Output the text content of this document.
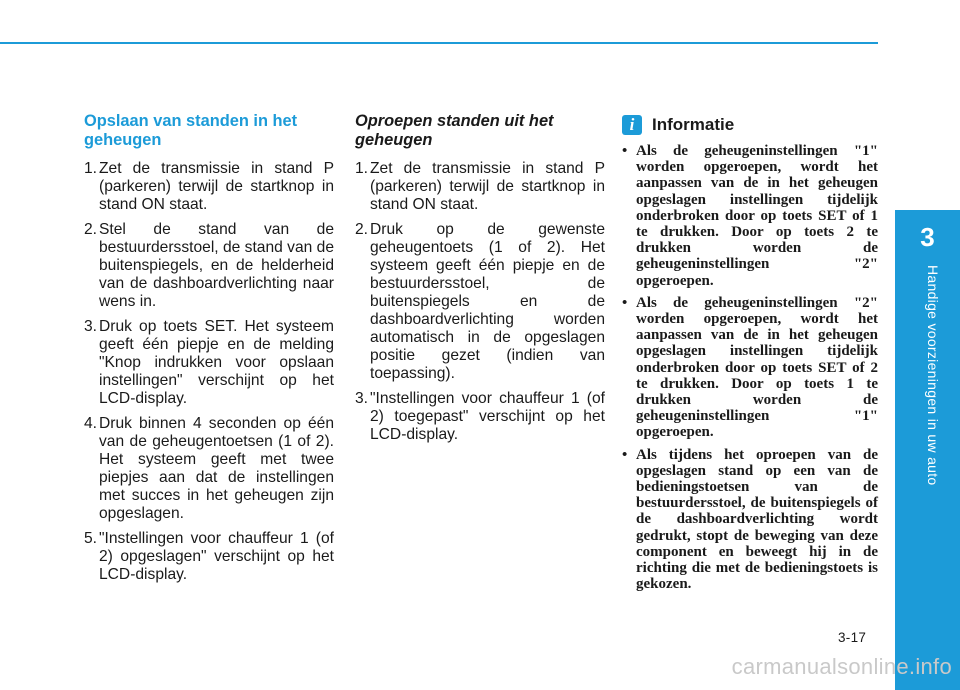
3
Handige voorzieningen in uw auto
Opslaan van standen in het geheugen
1. Zet de transmissie in stand P (parkeren) terwijl de startknop in stand ON staat.
2. Stel de stand van de bestuurdersstoel, de stand van de buitenspiegels, en de helderheid van de dashboardverlichting naar wens in.
3. Druk op toets SET. Het systeem geeft één piepje en de melding "Knop indrukken voor opslaan instellingen" verschijnt op het LCD-display.
4. Druk binnen 4 seconden op één van de geheugentoetsen (1 of 2). Het systeem geeft met twee piepjes aan dat de instellingen met succes in het geheugen zijn opgeslagen.
5. "Instellingen voor chauffeur 1 (of 2) opgeslagen" verschijnt op het LCD-display.
Oproepen standen uit het geheugen
1. Zet de transmissie in stand P (parkeren) terwijl de startknop in stand ON staat.
2. Druk op de gewenste geheugentoets (1 of 2). Het systeem geeft één piepje en de bestuurdersstoel, de buitenspiegels en de dashboardverlichting worden automatisch in de opgeslagen positie gezet (indien van toepassing).
3. "Instellingen voor chauffeur 1 (of 2) toegepast" verschijnt op het LCD-display.
i	Informatie
• Als de geheugeninstellingen "1" worden opgeroepen, wordt het aanpassen van de in het geheugen opgeslagen instellingen tijdelijk onderbroken door op toets SET of 1 te drukken. Door op toets 2 te drukken worden de geheugeninstellingen "2" opgeroepen.
• Als de geheugeninstellingen "2" worden opgeroepen, wordt het aanpassen van de in het geheugen opgeslagen instellingen tijdelijk onderbroken door op toets SET of 2 te drukken. Door op toets 1 te drukken worden de geheugeninstellingen "1" opgeroepen.
• Als tijdens het oproepen van de opgeslagen stand op een van de bedieningstoetsen van de bestuurdersstoel, de buitenspiegels of de dashboardverlichting wordt gedrukt, stopt de beweging van deze component en beweegt hij in de richting die met de bedieningstoets is gekozen.
3-17
carmanualsonline.info
